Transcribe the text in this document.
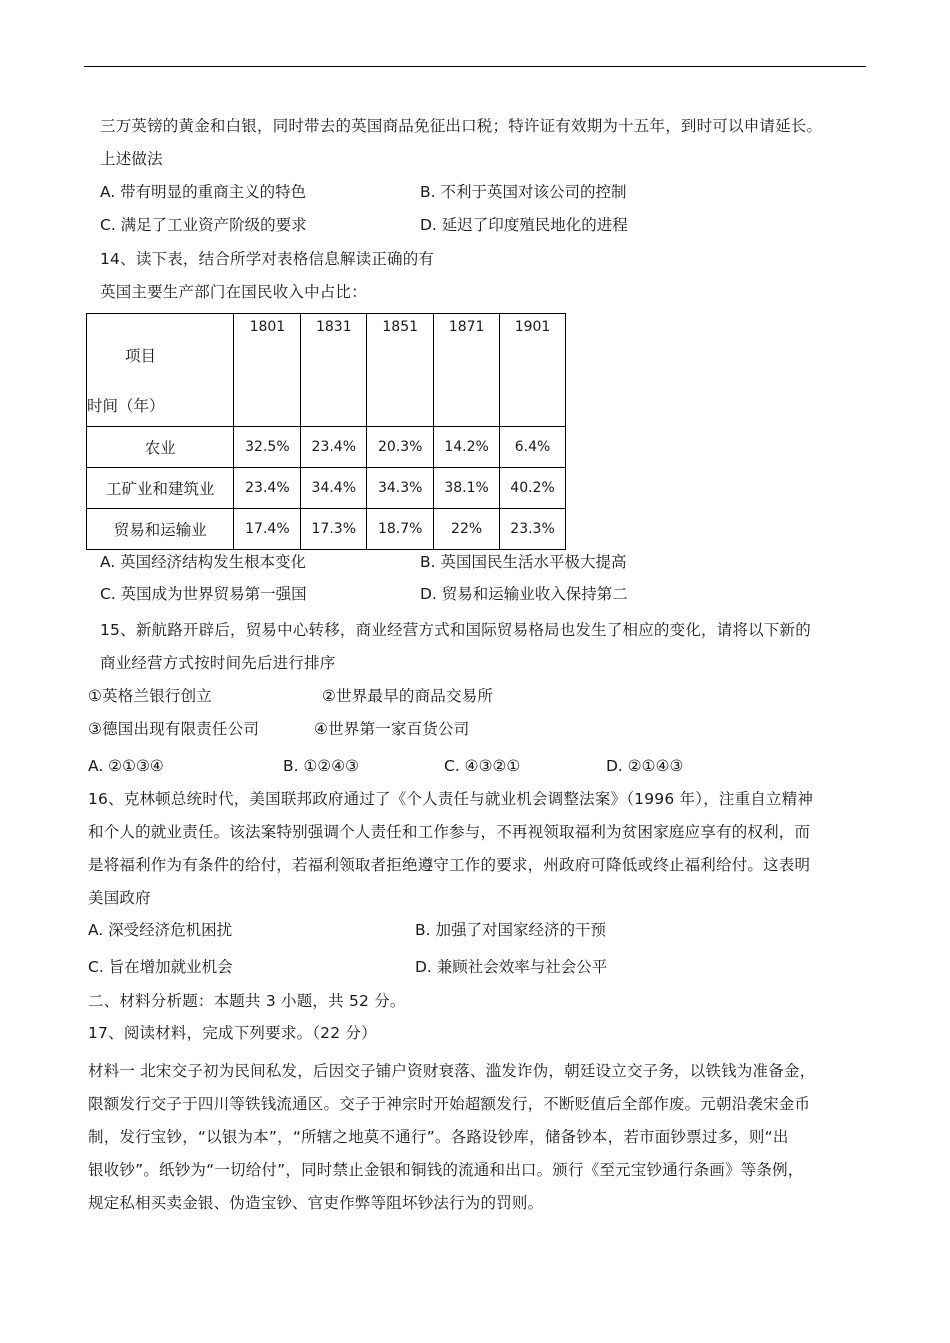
三万英镑的黄金和白银，同时带去的英国商品免征出口税；特许证有效期为十五年，到时可以申请延长。
上述做法
A. 带有明显的重商主义的特色	B. 不利于英国对该公司的控制
C. 满足了工业资产阶级的要求	D. 延迟了印度殖民地化的进程
14、读下表，结合所学对表格信息解读正确的有
英国主要生产部门在国民收入中占比：
项目
时间（年）	1801	1831	1851	1871	1901
农业	32.5%	23.4%	20.3%	14.2%	6.4%
工矿业和建筑业	23.4%	34.4%	34.3%	38.1%	40.2%
贸易和运输业	17.4%	17.3%	18.7%	22%	23.3%
A. 英国经济结构发生根本变化	B. 英国国民生活水平极大提高
C. 英国成为世界贸易第一强国	D. 贸易和运输业收入保持第二
15、新航路开辟后，贸易中心转移，商业经营方式和国际贸易格局也发生了相应的变化，请将以下新的
商业经营方式按时间先后进行排序
①英格兰银行创立	②世界最早的商品交易所
③德国出现有限责任公司	④世界第一家百货公司
A. ②①③④	B. ①②④③	C. ④③②①	D. ②①④③
16、克林顿总统时代，美国联邦政府通过了《个人责任与就业机会调整法案》（1996 年），注重自立精神
和个人的就业责任。该法案特别强调个人责任和工作参与，不再视领取福利为贫困家庭应享有的权利，而
是将福利作为有条件的给付，若福利领取者拒绝遵守工作的要求，州政府可降低或终止福利给付。这表明
美国政府
A. 深受经济危机困扰	B. 加强了对国家经济的干预
C. 旨在增加就业机会	D. 兼顾社会效率与社会公平
二、材料分析题：本题共 3 小题，共 52 分。
17、阅读材料，完成下列要求。（22 分）
材料一 北宋交子初为民间私发，后因交子铺户资财衰落、滥发诈伪，朝廷设立交子务，以铁钱为准备金，
限额发行交子于四川等铁钱流通区。交子于神宗时开始超额发行，不断贬值后全部作废。元朝沿袭宋金币
制，发行宝钞，“以银为本”，“所辖之地莫不通行”。各路设钞库，储备钞本，若市面钞票过多，则“出
银收钞”。纸钞为“一切给付”，同时禁止金银和铜钱的流通和出口。颁行《至元宝钞通行条画》等条例，
规定私相买卖金银、伪造宝钞、官吏作弊等阻坏钞法行为的罚则。
